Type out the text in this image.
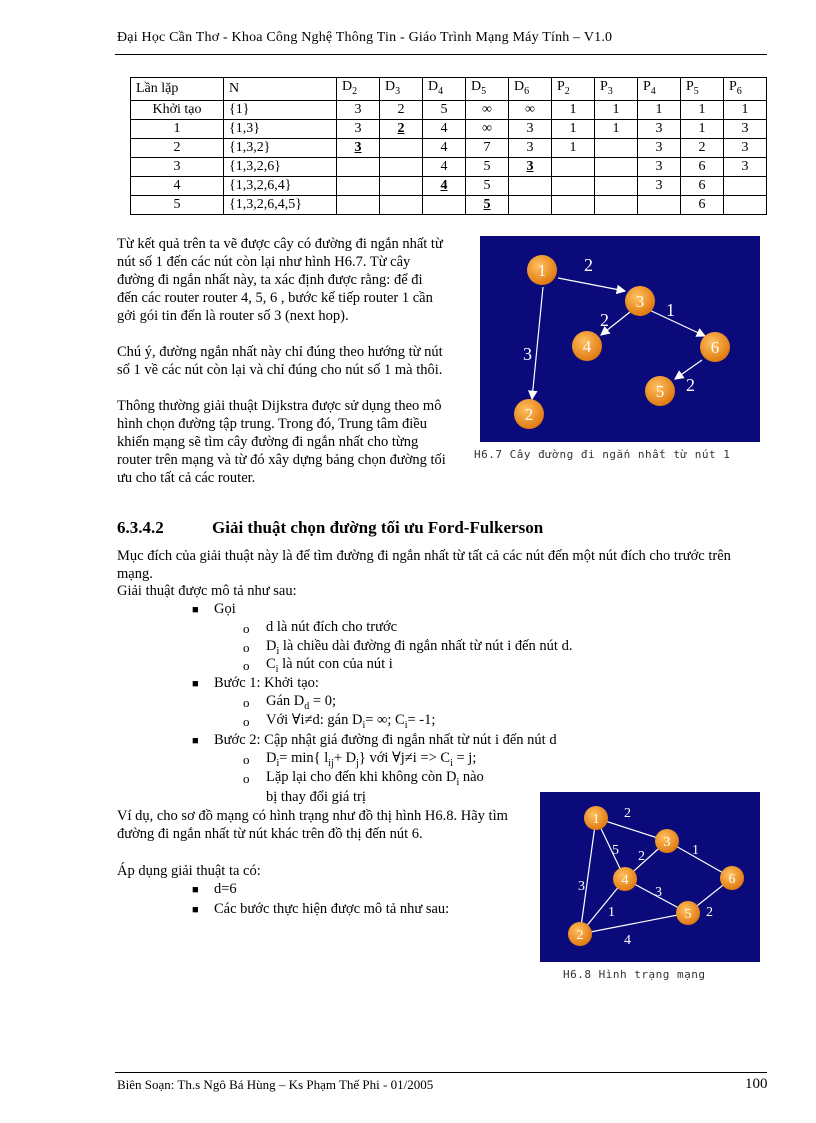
Đại Học Cần Thơ - Khoa Công Nghệ Thông Tin - Giáo Trình Mạng Máy Tính – V1.0
Lần lặp	N	$D_2$	$D_3$	$D_4$	$D_5$	$D_6$	$P_2$	$P_3$	$P_4$	$P_5$	$P_6$
Khởi tạo	{1}	3	2	5	∞	∞	1	1	1	1	1
1	{1,3}	3	2	4	∞	3	1	1	3	1	3
2	{1,3,2}	3		4	7	3	1		3	2	3
3	{1,3,2,6}			4	5	3			3	6	3
4	{1,3,2,6,4}			4	5				3	6	
5	{1,3,2,6,4,5}				5					6	
Từ kết quả trên ta vẽ được cây có đường đi ngắn nhất từ nút số 1 đến các nút còn lại như hình H6.7. Từ cây đường đi ngắn nhất này, ta xác định được rằng: để đi đến các router router 4, 5, 6 , bước kế tiếp router 1 cần gởi gói tin đến là router số 3 (next hop).
Chú ý, đường ngắn nhất này chỉ đúng theo hướng từ nút số 1 về các nút còn lại và chỉ đúng cho nút số 1 mà thôi.
Thông thường giải thuật Dijkstra được sử dụng theo mô hình chọn đường tập trung. Trong đó, Trung tâm điều khiển mạng sẽ tìm cây đường đi ngắn nhất cho từng router trên mạng và từ đó xây dựng bảng chọn đường tối ưu cho tất cả các router.
2
1
2
3
2
1
2
3
4
5
6
H6.7 Cây đường đi ngắn nhất từ nút 1
6.3.4.2	Giải thuật chọn đường tối ưu Ford-Fulkerson
Mục đích của giải thuật này là để tìm đường đi ngắn nhất từ tất cả các nút đến một nút đích cho trước trên mạng.
Giải thuật được mô tả như sau:
■ Gọi
o d là nút đích cho trước
o $D_i$ là chiều dài đường đi ngắn nhất từ nút i đến nút d.
o $C_i$ là nút con của nút i
■ Bước 1: Khởi tạo:
o Gán $D_d = 0$;
o Với ∀i≠d: gán $D_i=$ ∞; $C_i= -1$;
■ Bước 2: Cập nhật giá đường đi ngắn nhất từ nút i đến nút d
o $D_i= \min${ $l_{ij}+ D_j$} với ∀j≠i => $C_i = j$;
o Lặp lại cho đến khi không còn $D_i$ nào
bị thay đổi giá trị
Ví dụ, cho sơ đồ mạng có hình trạng như đồ thị hình H6.8. Hãy tìm đường đi ngắn nhất từ nút khác trên đồ thị đến nút 6.
Áp dụng giải thuật ta có:
■ d=6
■ Các bước thực hiện được mô tả như sau:
2
5 2	1
3	3
1	2
4
1
2
3
4
5
6
H6.8 Hình trạng mạng
Biên Soạn: Th.s Ngô Bá Hùng – Ks Phạm Thế Phi - 01/2005	100
